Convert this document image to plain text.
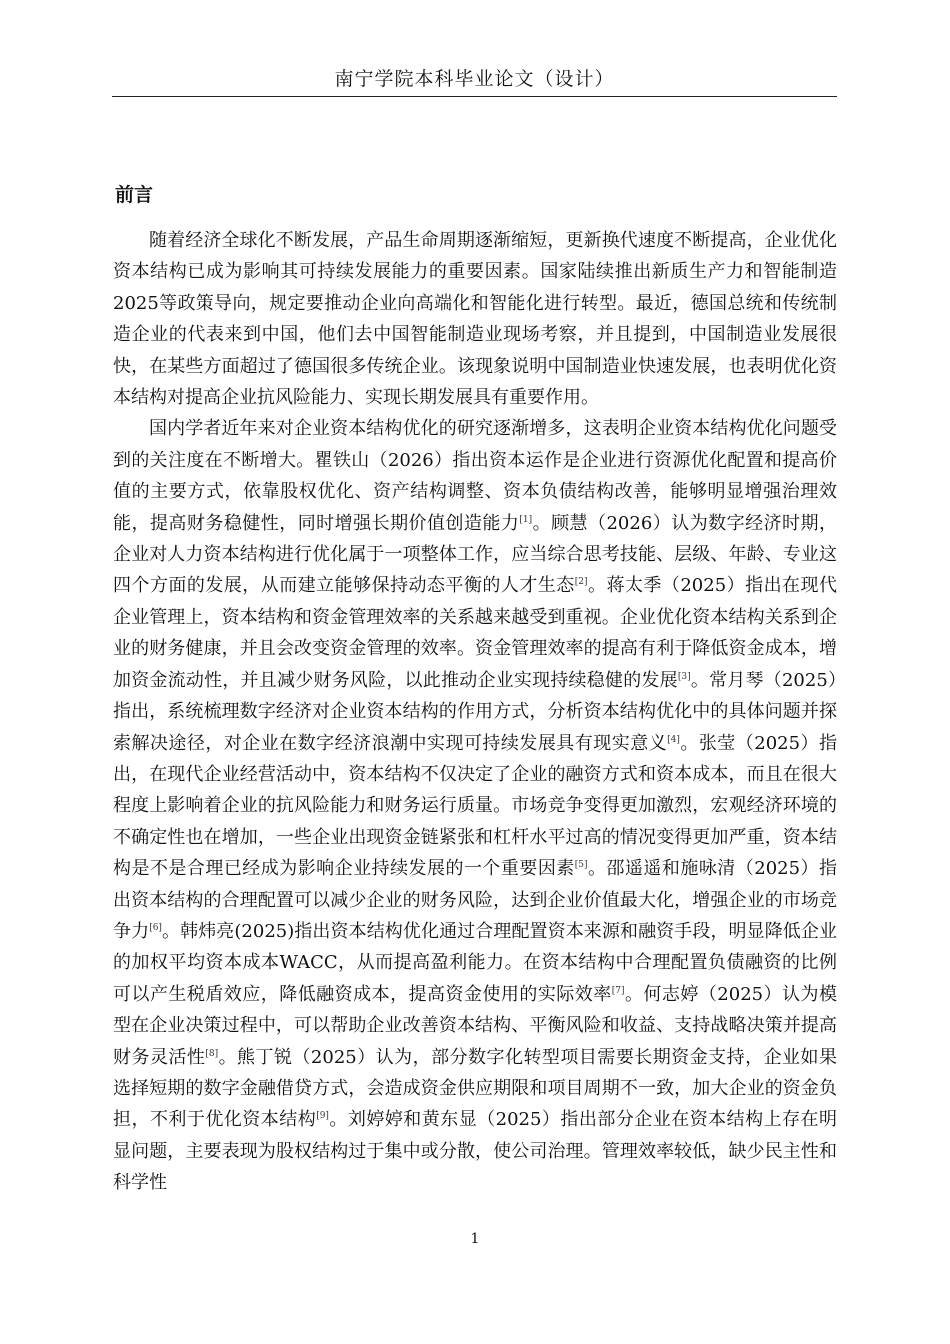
南宁学院本科毕业论文（设计）
前言

随着经济全球化不断发展，产品生命周期逐渐缩短，更新换代速度不断提高，企业优化资本结构已成为影响其可持续发展能力的重要因素。国家陆续推出新质生产力和智能制造2025等政策导向，规定要推动企业向高端化和智能化进行转型。最近，德国总统和传统制造企业的代表来到中国，他们去中国智能制造业现场考察，并且提到，中国制造业发展很快，在某些方面超过了德国很多传统企业。该现象说明中国制造业快速发展，也表明优化资本结构对提高企业抗风险能力、实现长期发展具有重要作用。

国内学者近年来对企业资本结构优化的研究逐渐增多，这表明企业资本结构优化问题受到的关注度在不断增大。瞿铁山（2026）指出资本运作是企业进行资源优化配置和提高价值的主要方式，依靠股权优化、资产结构调整、资本负债结构改善，能够明显增强治理效能，提高财务稳健性，同时增强长期价值创造能力[1]。顾慧（2026）认为数字经济时期，企业对人力资本结构进行优化属于一项整体工作，应当综合思考技能、层级、年龄、专业这四个方面的发展，从而建立能够保持动态平衡的人才生态[2]。蒋太季（2025）指出在现代企业管理上，资本结构和资金管理效率的关系越来越受到重视。企业优化资本结构关系到企业的财务健康，并且会改变资金管理的效率。资金管理效率的提高有利于降低资金成本，增加资金流动性，并且减少财务风险，以此推动企业实现持续稳健的发展[3]。常月琴（2025）指出，系统梳理数字经济对企业资本结构的作用方式，分析资本结构优化中的具体问题并探索解决途径，对企业在数字经济浪潮中实现可持续发展具有现实意义[4]。张莹（2025）指出，在现代企业经营活动中，资本结构不仅决定了企业的融资方式和资本成本，而且在很大程度上影响着企业的抗风险能力和财务运行质量。市场竞争变得更加激烈，宏观经济环境的不确定性也在增加，一些企业出现资金链紧张和杠杆水平过高的情况变得更加严重，资本结构是不是合理已经成为影响企业持续发展的一个重要因素[5]。邵遥遥和施咏清（2025）指出资本结构的合理配置可以减少企业的财务风险，达到企业价值最大化，增强企业的市场竞争力[6]。韩炜亮(2025)指出资本结构优化通过合理配置资本来源和融资手段，明显降低企业的加权平均资本成本WACC，从而提高盈利能力。在资本结构中合理配置负债融资的比例可以产生税盾效应，降低融资成本，提高资金使用的实际效率[7]。何志婷（2025）认为模型在企业决策过程中，可以帮助企业改善资本结构、平衡风险和收益、支持战略决策并提高财务灵活性[8]。熊丁锐（2025）认为，部分数字化转型项目需要长期资金支持，企业如果选择短期的数字金融借贷方式，会造成资金供应期限和项目周期不一致，加大企业的资金负担，不利于优化资本结构[9]。刘婷婷和黄东显（2025）指出部分企业在资本结构上存在明显问题，主要表现为股权结构过于集中或分散，使公司治理。管理效率较低，缺少民主性和科学性

1
